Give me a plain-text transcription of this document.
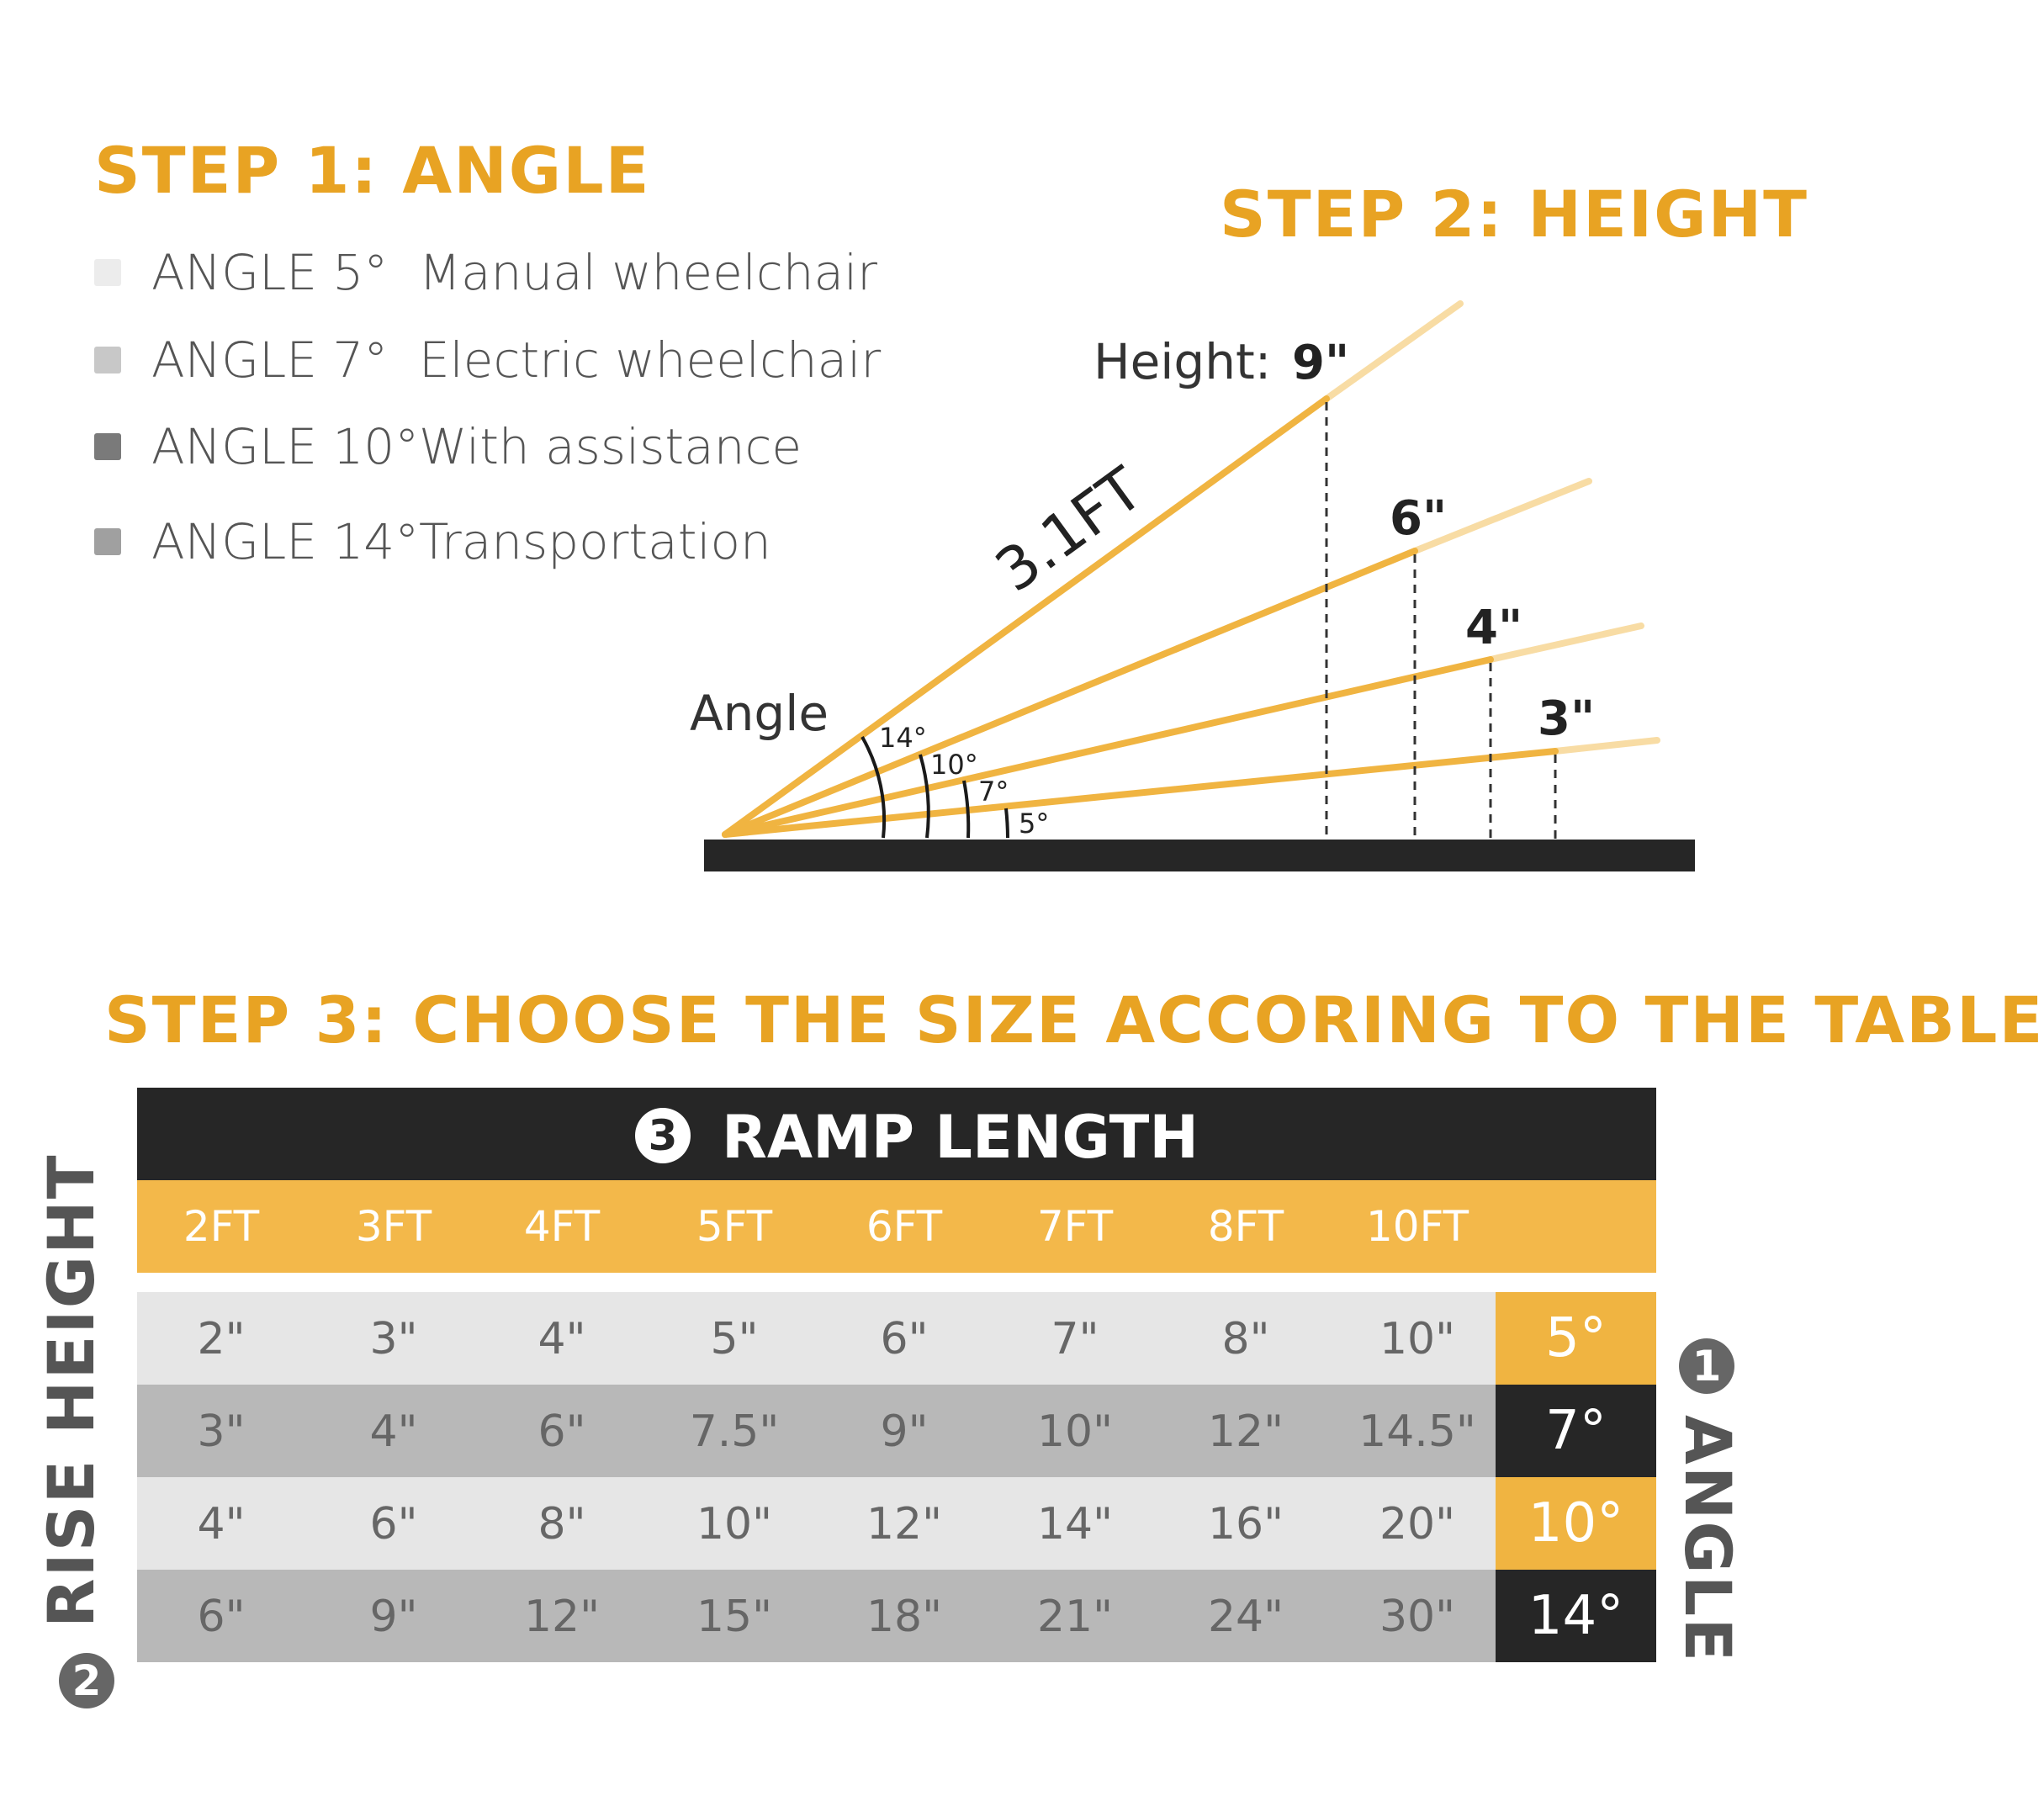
STEP 1: ANGLE
ANGLE 5° Manual wheelchair
ANGLE 7° Electric wheelchair
ANGLE 10° With assistance
ANGLE 14° Transportation
STEP 2: HEIGHT
Height: 9"
6"
4"
3"
3.1FT
Angle 14°
10°
7°
5°
STEP 3: CHOOSE THE SIZE ACCORING TO THE TABLE
3 RAMP LENGTH
2FT	3FT	4FT	5FT	6FT	7FT	8FT	10FT
2"	3"	4"	5"	6"	7"	8"	10"	5°
3"	4"	6"	7.5"	9"	10"	12"	14.5"	7°
4"	6"	8"	10"	12"	14"	16"	20"	10°
6"	9"	12"	15"	18"	21"	24"	30"	14°
RISE HEIGHT
2
1
ANGLE
